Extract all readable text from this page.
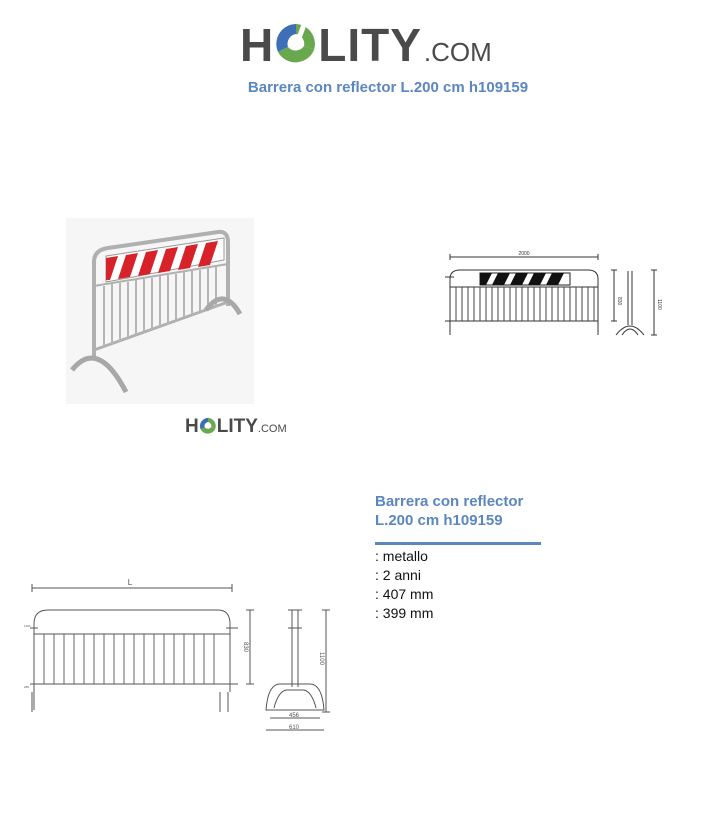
H LITY .COM
Barrera con reflector L.200 cm h109159
H LITY .COM
2000
830	1100
Barrera con reflector
L.200 cm h109159
: metallo
: 2 anni
: 407 mm
: 399 mm
L
830
1100
456
610
1100
280
